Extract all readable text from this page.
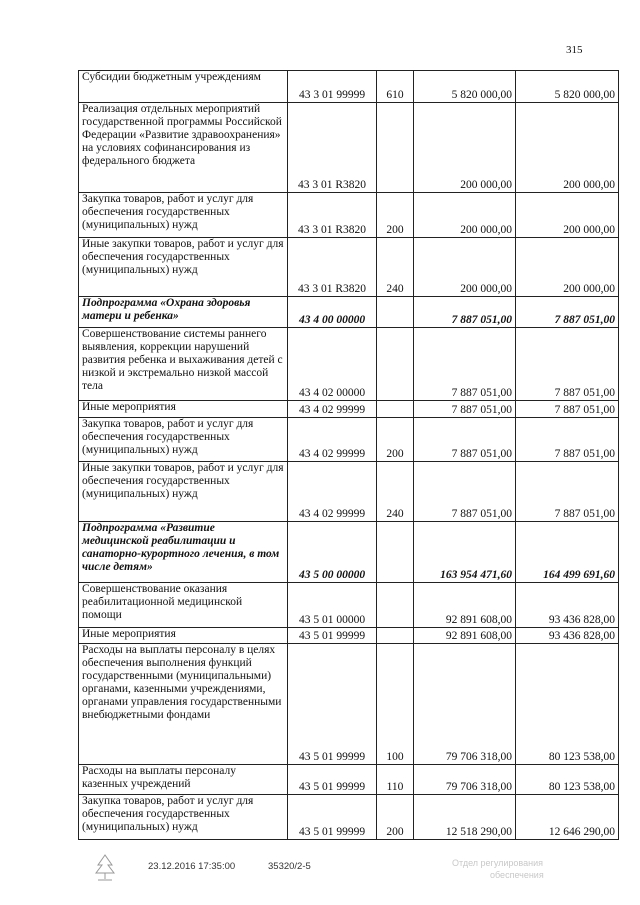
315
Субсидии бюджетным учреждениям	43 3 01 99999	610	5 820 000,00	5 820 000,00
Реализация отдельных мероприятий государственной программы Российской Федерации «Развитие здравоохранения» на условиях софинансирования из федерального бюджета	43 3 01 R3820		200 000,00	200 000,00
Закупка товаров, работ и услуг для обеспечения государственных (муниципальных) нужд	43 3 01 R3820	200	200 000,00	200 000,00
Иные закупки товаров, работ и услуг для обеспечения государственных (муниципальных) нужд	43 3 01 R3820	240	200 000,00	200 000,00
Подпрограмма «Охрана здоровья матери и ребенка»	43 4 00 00000		7 887 051,00	7 887 051,00
Совершенствование системы раннего выявления, коррекции нарушений развития ребенка и выхаживания детей с низкой и экстремально низкой массой тела	43 4 02 00000		7 887 051,00	7 887 051,00
Иные мероприятия	43 4 02 99999		7 887 051,00	7 887 051,00
Закупка товаров, работ и услуг для обеспечения государственных (муниципальных) нужд	43 4 02 99999	200	7 887 051,00	7 887 051,00
Иные закупки товаров, работ и услуг для обеспечения государственных (муниципальных) нужд	43 4 02 99999	240	7 887 051,00	7 887 051,00
Подпрограмма «Развитие медицинской реабилитации и санаторно-курортного лечения, в том числе детям»	43 5 00 00000		163 954 471,60	164 499 691,60
Совершенствование оказания реабилитационной медицинской помощи	43 5 01 00000		92 891 608,00	93 436 828,00
Иные мероприятия	43 5 01 99999		92 891 608,00	93 436 828,00
Расходы на выплаты персоналу в целях обеспечения выполнения функций государственными (муниципальными) органами, казенными учреждениями, органами управления государственными внебюджетными фондами	43 5 01 99999	100	79 706 318,00	80 123 538,00
Расходы на выплаты персоналу казенных учреждений	43 5 01 99999	110	79 706 318,00	80 123 538,00
Закупка товаров, работ и услуг для обеспечения государственных (муниципальных) нужд	43 5 01 99999	200	12 518 290,00	12 646 290,00
23.12.2016 17:35:00	35320/2-5	Отдел регулирования
обеспечения
